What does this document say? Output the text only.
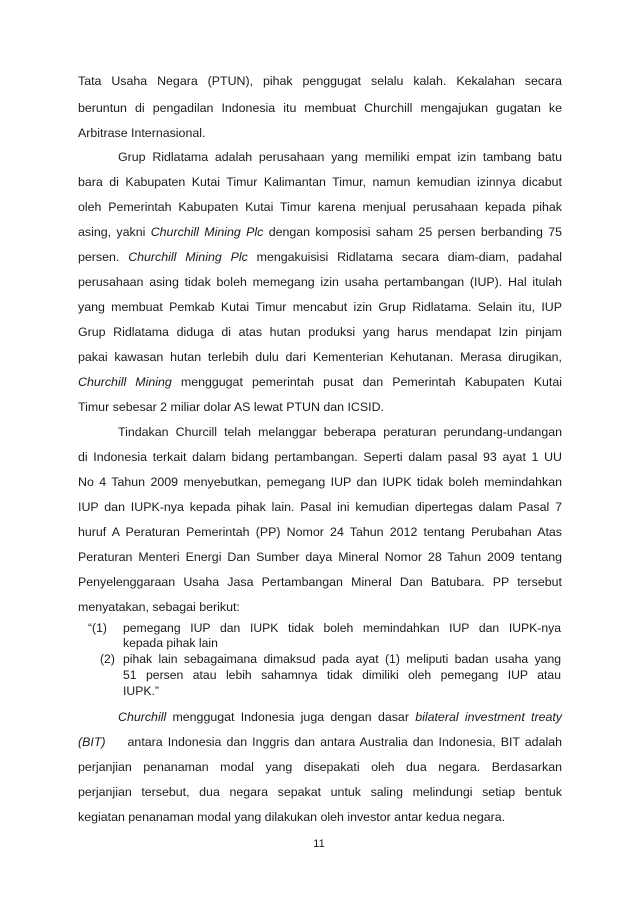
Tata Usaha Negara (PTUN), pihak penggugat selalu kalah. Kekalahan secara
beruntun di pengadilan Indonesia itu membuat Churchill mengajukan gugatan ke
Arbitrase Internasional.
Grup Ridlatama adalah perusahaan yang memiliki empat izin tambang batu
bara di Kabupaten Kutai Timur Kalimantan Timur, namun kemudian izinnya dicabut
oleh Pemerintah Kabupaten Kutai Timur karena menjual perusahaan kepada pihak
asing, yakni Churchill Mining Plc dengan komposisi saham 25 persen berbanding 75
persen. Churchill Mining Plc mengakuisisi Ridlatama secara diam-diam, padahal
perusahaan asing tidak boleh memegang izin usaha pertambangan (IUP). Hal itulah
yang membuat Pemkab Kutai Timur mencabut izin Grup Ridlatama. Selain itu, IUP
Grup Ridlatama diduga di atas hutan produksi yang harus mendapat Izin pinjam
pakai kawasan hutan terlebih dulu dari Kementerian Kehutanan. Merasa dirugikan,
Churchill Mining menggugat pemerintah pusat dan Pemerintah Kabupaten Kutai
Timur sebesar 2 miliar dolar AS lewat PTUN dan ICSID.
Tindakan Churcill telah melanggar beberapa peraturan perundang-undangan
di Indonesia terkait dalam bidang pertambangan. Seperti dalam pasal 93 ayat 1 UU
No 4 Tahun 2009 menyebutkan, pemegang IUP dan IUPK tidak boleh memindahkan
IUP dan IUPK-nya kepada pihak lain. Pasal ini kemudian dipertegas dalam Pasal 7
huruf A Peraturan Pemerintah (PP) Nomor 24 Tahun 2012 tentang Perubahan Atas
Peraturan Menteri Energi Dan Sumber daya Mineral Nomor 28 Tahun 2009 tentang
Penyelenggaraan Usaha Jasa Pertambangan Mineral Dan Batubara. PP tersebut
menyatakan, sebagai berikut:
“(1) pemegang IUP dan IUPK tidak boleh memindahkan IUP dan IUPK-nya
kepada pihak lain
(2) pihak lain sebagaimana dimaksud pada ayat (1) meliputi badan usaha yang
51 persen atau lebih sahamnya tidak dimiliki oleh pemegang IUP atau
IUPK.”
Churchill menggugat Indonesia juga dengan dasar bilateral investment treaty
(BIT) antara Indonesia dan Inggris dan antara Australia dan Indonesia, BIT adalah
perjanjian penanaman modal yang disepakati oleh dua negara. Berdasarkan
perjanjian tersebut, dua negara sepakat untuk saling melindungi setiap bentuk
kegiatan penanaman modal yang dilakukan oleh investor antar kedua negara.
11
